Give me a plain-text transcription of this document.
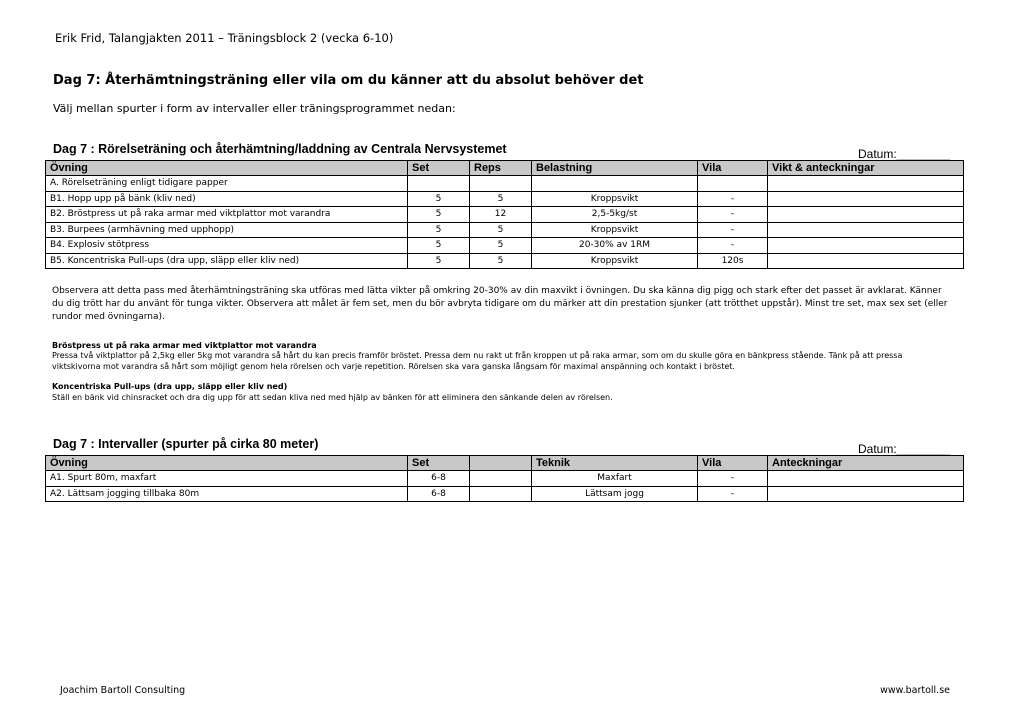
Erik Frid, Talangjakten 2011 – Träningsblock 2 (vecka 6-10)
Dag 7: Återhämtningsträning eller vila om du känner att du absolut behöver det
Välj mellan spurter i form av intervaller eller träningsprogrammet nedan:
Dag 7 : Rörelseträning och återhämtning/laddning av Centrala Nervsystemet	Datum:________
Övning	Set	Reps	Belastning	Vila	Vikt & anteckningar
A. Rörelseträning enligt tidigare papper					
B1. Hopp upp på bänk (kliv ned)	5	5	Kroppsvikt	-	
B2. Bröstpress ut på raka armar med viktplattor mot varandra	5	12	2,5-5kg/st	-	
B3. Burpees (armhävning med upphopp)	5	5	Kroppsvikt	-	
B4. Explosiv stötpress	5	5	20-30% av 1RM	-	
B5. Koncentriska Pull-ups (dra upp, släpp eller kliv ned)	5	5	Kroppsvikt	120s	
Observera att detta pass med återhämtningsträning ska utföras med lätta vikter på omkring 20-30% av din maxvikt i övningen. Du ska känna dig pigg och stark efter det passet är avklarat. Känner du dig trött har du använt för tunga vikter. Observera att målet är fem set, men du bör avbryta tidigare om du märker att din prestation sjunker (att trötthet uppstår). Minst tre set, max sex set (eller rundor med övningarna).
Bröstpress ut på raka armar med viktplattor mot varandra
Pressa två viktplattor på 2,5kg eller 5kg mot varandra så hårt du kan precis framför bröstet. Pressa dem nu rakt ut från kroppen ut på raka armar, som om du skulle göra en bänkpress stående. Tänk på att pressa viktskivorna mot varandra så hårt som möjligt genom hela rörelsen och varje repetition. Rörelsen ska vara ganska långsam för maximal anspänning och kontakt i bröstet.
Koncentriska Pull-ups (dra upp, släpp eller kliv ned)
Ställ en bänk vid chinsracket och dra dig upp för att sedan kliva ned med hjälp av bänken för att eliminera den sänkande delen av rörelsen.
Dag 7 : Intervaller (spurter på cirka 80 meter)	Datum:________
Övning	Set		Teknik	Vila	Anteckningar
A1. Spurt 80m, maxfart	6-8		Maxfart	-	
A2. Lättsam jogging tillbaka 80m	6-8		Lättsam jogg	-	
Joachim Bartoll Consulting	www.bartoll.se
